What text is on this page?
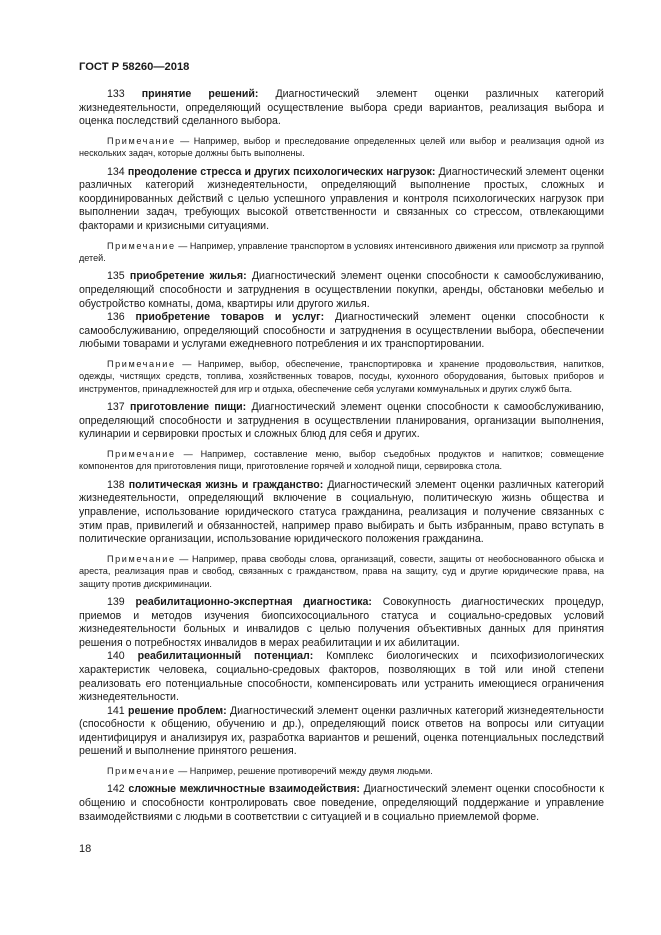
ГОСТ Р 58260—2018

133 принятие решений: Диагностический элемент оценки различных категорий жизнедеятельности, определяющий осуществление выбора среди вариантов, реализация выбора и оценка последствий сделанного выбора.

Примечание — Например, выбор и преследование определенных целей или выбор и реализация одной из нескольких задач, которые должны быть выполнены.

134 преодоление стресса и других психологических нагрузок: Диагностический элемент оценки различных категорий жизнедеятельности, определяющий выполнение простых, сложных и координированных действий с целью успешного управления и контроля психологических нагрузок при выполнении задач, требующих высокой ответственности и связанных со стрессом, отвлекающими факторами и кризисными ситуациями.

Примечание — Например, управление транспортом в условиях интенсивного движения или присмотр за группой детей.

135 приобретение жилья: Диагностический элемент оценки способности к самообслуживанию, определяющий способности и затруднения в осуществлении покупки, аренды, обстановки мебелью и обустройство комнаты, дома, квартиры или другого жилья.

136 приобретение товаров и услуг: Диагностический элемент оценки способности к самообслуживанию, определяющий способности и затруднения в осуществлении выбора, обеспечении любыми товарами и услугами ежедневного потребления и их транспортировании.

Примечание — Например, выбор, обеспечение, транспортировка и хранение продовольствия, напитков, одежды, чистящих средств, топлива, хозяйственных товаров, посуды, кухонного оборудования, бытовых приборов и инструментов, принадлежностей для игр и отдыха, обеспечение себя услугами коммунальных и других служб быта.

137 приготовление пищи: Диагностический элемент оценки способности к самообслуживанию, определяющий способности и затруднения в осуществлении планирования, организации выполнения, кулинарии и сервировки простых и сложных блюд для себя и других.

Примечание — Например, составление меню, выбор съедобных продуктов и напитков; совмещение компонентов для приготовления пищи, приготовление горячей и холодной пищи, сервировка стола.

138 политическая жизнь и гражданство: Диагностический элемент оценки различных категорий жизнедеятельности, определяющий включение в социальную, политическую жизнь общества и управление, использование юридического статуса гражданина, реализация и получение связанных с этим прав, привилегий и обязанностей, например право выбирать и быть избранным, право вступать в политические организации, использование юридического положения гражданина.

Примечание — Например, права свободы слова, организаций, совести, защиты от необоснованного обыска и ареста, реализация прав и свобод, связанных с гражданством, права на защиту, суд и другие юридические права, на защиту против дискриминации.

139 реабилитационно-экспертная диагностика: Совокупность диагностических процедур, приемов и методов изучения биопсихосоциального статуса и социально-средовых условий жизнедеятельности больных и инвалидов с целью получения объективных данных для принятия решения о потребностях инвалидов в мерах реабилитации и их абилитации.

140 реабилитационный потенциал: Комплекс биологических и психофизиологических характеристик человека, социально-средовых факторов, позволяющих в той или иной степени реализовать его потенциальные способности, компенсировать или устранить имеющиеся ограничения жизнедеятельности.

141 решение проблем: Диагностический элемент оценки различных категорий жизнедеятельности (способности к общению, обучению и др.), определяющий поиск ответов на вопросы или ситуации идентифицируя и анализируя их, разработка вариантов и решений, оценка потенциальных последствий решений и выполнение принятого решения.

Примечание — Например, решение противоречий между двумя людьми.

142 сложные межличностные взаимодействия: Диагностический элемент оценки способности к общению и способности контролировать свое поведение, определяющий поддержание и управление взаимодействиями с людьми в соответствии с ситуацией и в социально приемлемой форме.

18
